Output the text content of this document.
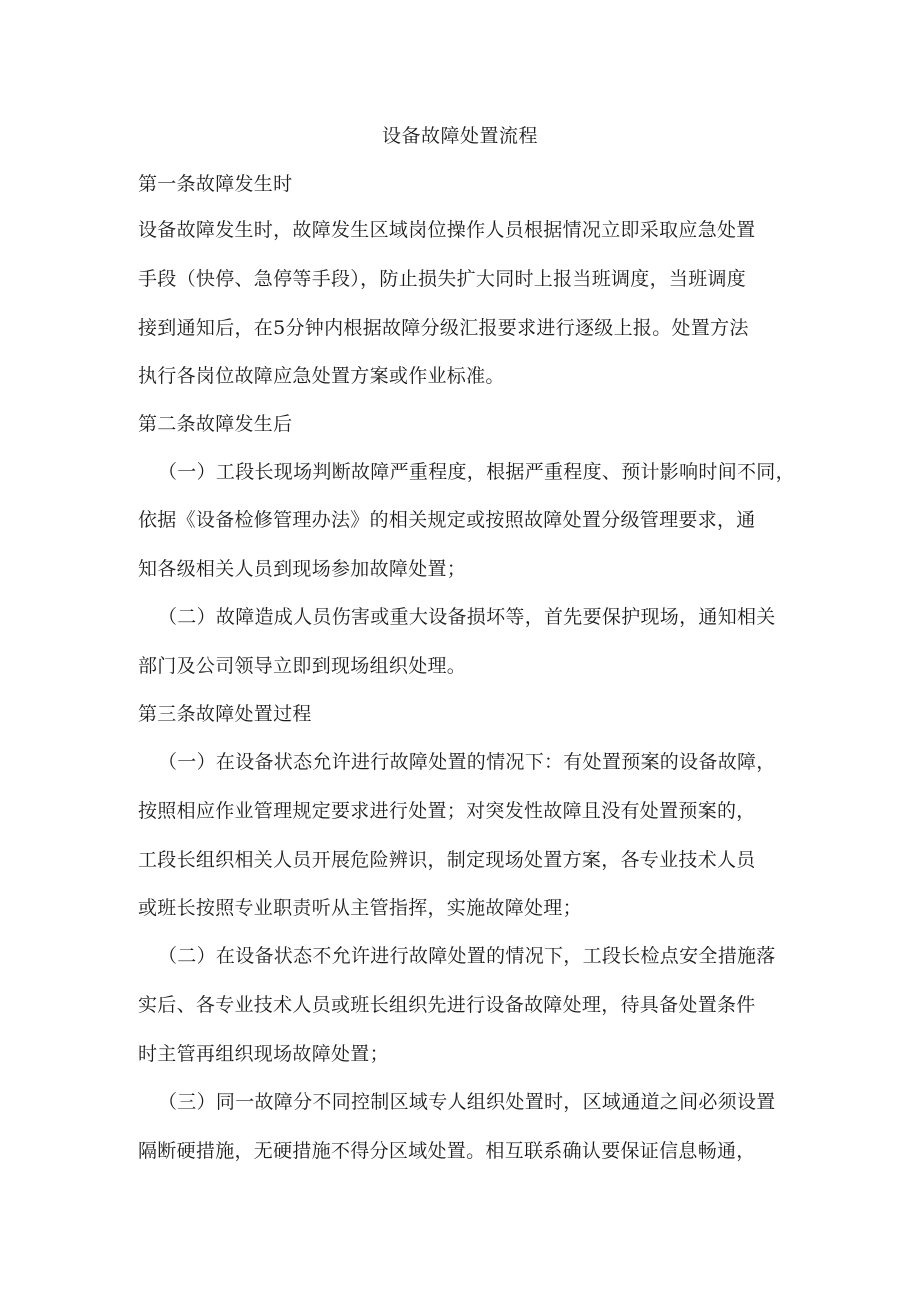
设备故障处置流程
第一条故障发生时
设备故障发生时，故障发生区域岗位操作人员根据情况立即采取应急处置
手段（快停、急停等手段），防止损失扩大同时上报当班调度，当班调度
接到通知后，在5分钟内根据故障分级汇报要求进行逐级上报。处置方法
执行各岗位故障应急处置方案或作业标准。
第二条故障发生后
（一）工段长现场判断故障严重程度，根据严重程度、预计影响时间不同，
依据《设备检修管理办法》的相关规定或按照故障处置分级管理要求，通
知各级相关人员到现场参加故障处置；
（二）故障造成人员伤害或重大设备损坏等，首先要保护现场，通知相关
部门及公司领导立即到现场组织处理。
第三条故障处置过程
（一）在设备状态允许进行故障处置的情况下：有处置预案的设备故障，
按照相应作业管理规定要求进行处置；对突发性故障且没有处置预案的，
工段长组织相关人员开展危险辨识，制定现场处置方案，各专业技术人员
或班长按照专业职责听从主管指挥，实施故障处理；
（二）在设备状态不允许进行故障处置的情况下，工段长检点安全措施落
实后、各专业技术人员或班长组织先进行设备故障处理，待具备处置条件
时主管再组织现场故障处置；
（三）同一故障分不同控制区域专人组织处置时，区域通道之间必须设置
隔断硬措施，无硬措施不得分区域处置。相互联系确认要保证信息畅通，
